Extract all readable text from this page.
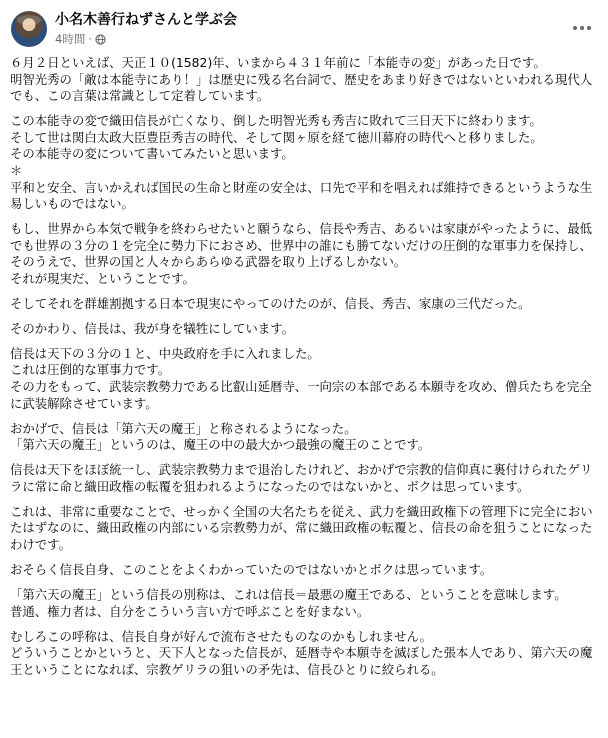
小名木善行ねずさんと学ぶ会
4時間 ·

６月２日といえば、天正１０(1582)年、いまから４３１年前に「本能寺の変」があった日です。
明智光秀の「敵は本能寺にあり！」は歴史に残る名台詞で、歴史をあまり好きではないといわれる現代人でも、この言葉は常識として定着しています。

この本能寺の変で織田信長が亡くなり、倒した明智光秀も秀吉に敗れて三日天下に終わります。
そして世は関白太政大臣豊臣秀吉の時代、そして関ヶ原を経て徳川幕府の時代へと移りました。
その本能寺の変について書いてみたいと思います。
＊
平和と安全、言いかえれば国民の生命と財産の安全は、口先で平和を唱えれば維持できるというような生易しいものではない。

もし、世界から本気で戦争を終わらせたいと願うなら、信長や秀吉、あるいは家康がやったように、最低でも世界の３分の１を完全に勢力下におさめ、世界中の誰にも勝てないだけの圧倒的な軍事力を保持し、そのうえで、世界の国と人々からあらゆる武器を取り上げるしかない。
それが現実だ、ということです。

そしてそれを群雄割拠する日本で現実にやってのけたのが、信長、秀吉、家康の三代だった。

そのかわり、信長は、我が身を犠牲にしています。

信長は天下の３分の１と、中央政府を手に入れました。
これは圧倒的な軍事力です。
その力をもって、武装宗教勢力である比叡山延暦寺、一向宗の本部である本願寺を攻め、僧兵たちを完全に武装解除させています。

おかげで、信長は「第六天の魔王」と称されるようになった。
「第六天の魔王」というのは、魔王の中の最大かつ最強の魔王のことです。

信長は天下をほぼ統一し、武装宗教勢力まで退治したけれど、おかげで宗教的信仰真に裏付けられたゲリラに常に命と織田政権の転覆を狙われるようになったのではないかと、ボクは思っています。

これは、非常に重要なことで、せっかく全国の大名たちを従え、武力を織田政権下の管理下に完全においたはずなのに、織田政権の内部にいる宗教勢力が、常に織田政権の転覆と、信長の命を狙うことになったわけです。

おそらく信長自身、このことをよくわかっていたのではないかとボクは思っています。

「第六天の魔王」という信長の別称は、これは信長＝最悪の魔王である、ということを意味します。
普通、権力者は、自分をこういう言い方で呼ぶことを好まない。

むしろこの呼称は、信長自身が好んで流布させたものなのかもしれません。
どういうことかというと、天下人となった信長が、延暦寺や本願寺を滅ぼした張本人であり、第六天の魔王ということになれば、宗教ゲリラの狙いの矛先は、信長ひとりに絞られる。
